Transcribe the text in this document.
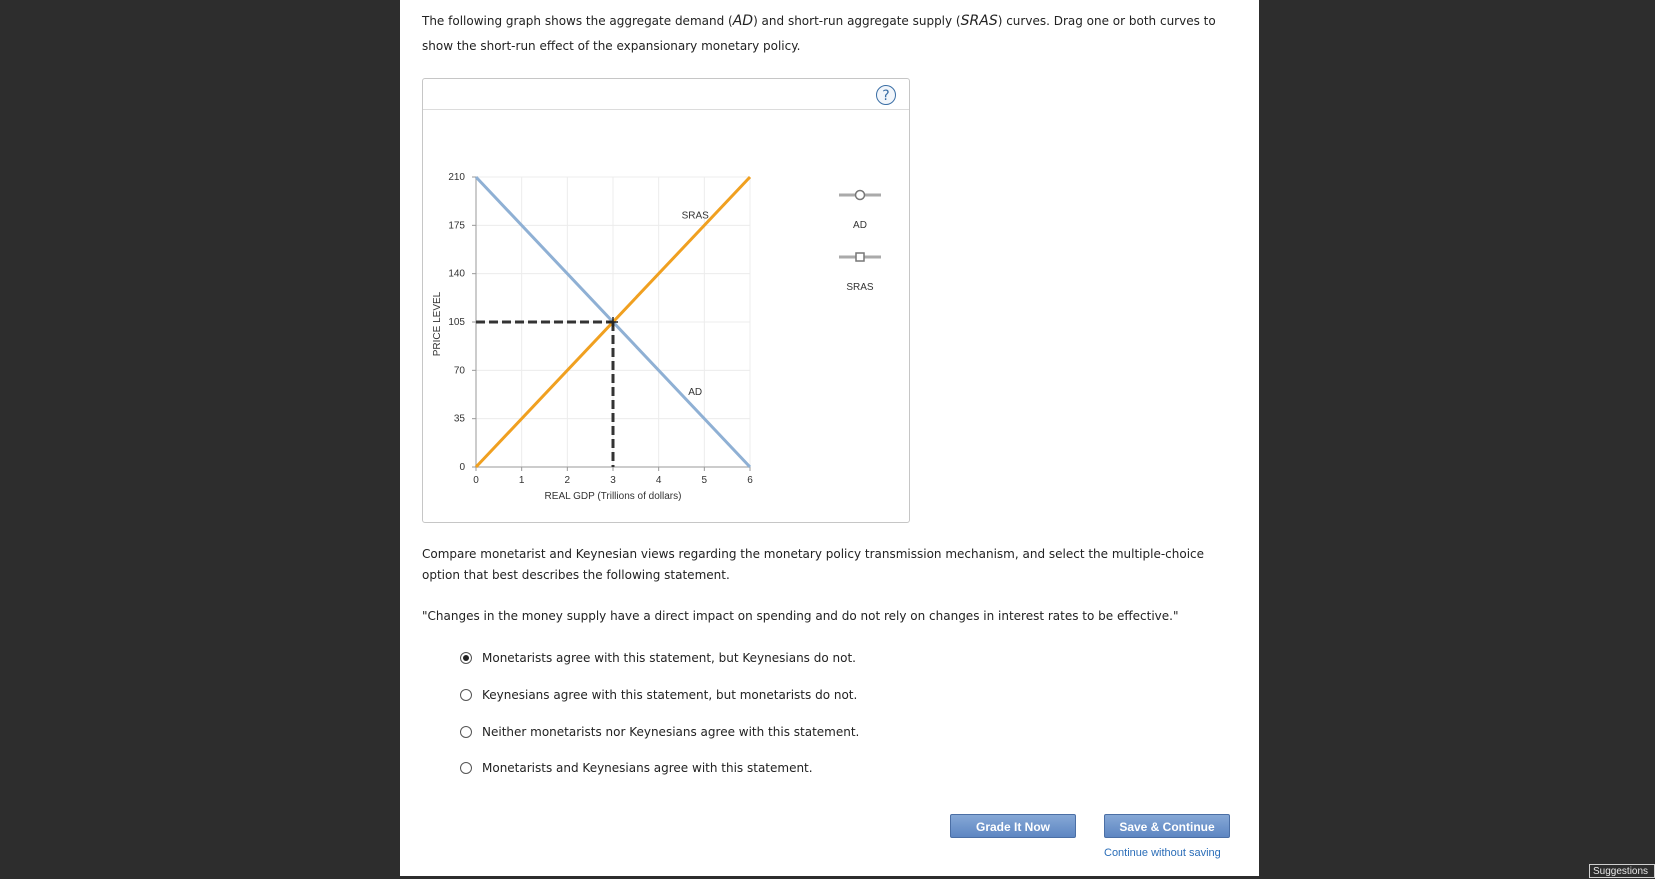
The following graph shows the aggregate demand (AD) and short-run aggregate supply (SRAS) curves. Drag one or both curves to show the short-run effect of the expansionary monetary policy.
?
0	1	2	3	4	5	6
0
35
70
105
140
175
210
REAL GDP (Trillions of dollars)
PRICE LEVEL
AD
SRAS
AD
SRAS
Compare monetarist and Keynesian views regarding the monetary policy transmission mechanism, and select the multiple-choice option that best describes the following statement.
"Changes in the money supply have a direct impact on spending and do not rely on changes in interest rates to be effective."
Monetarists agree with this statement, but Keynesians do not.
Keynesians agree with this statement, but monetarists do not.
Neither monetarists nor Keynesians agree with this statement.
Monetarists and Keynesians agree with this statement.
Grade It Now	Save & Continue
Continue without saving
Suggestions
